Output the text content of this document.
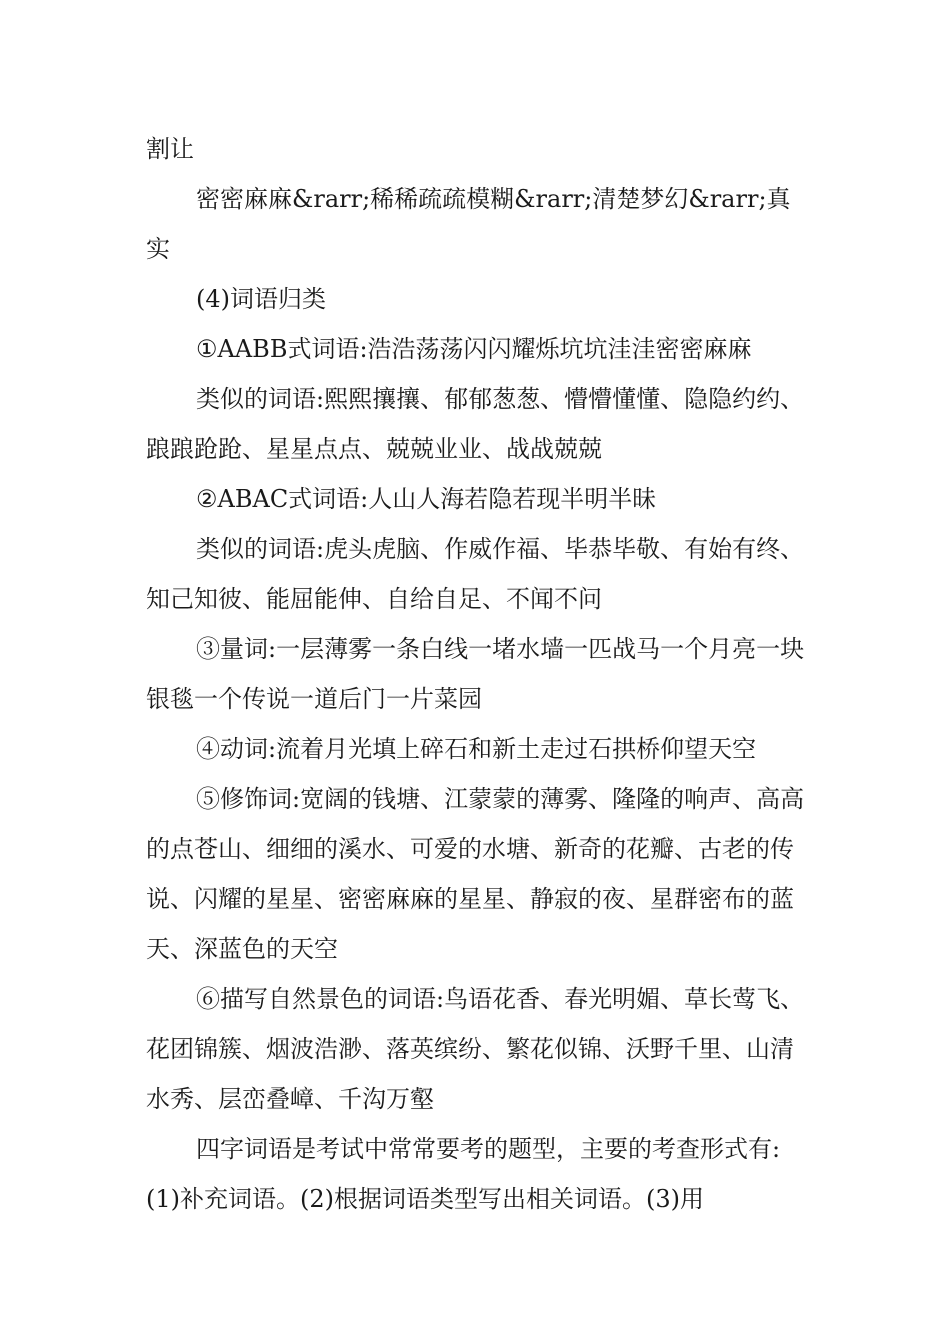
割让

密密麻麻&rarr;稀稀疏疏模糊&rarr;清楚梦幻&rarr;真实

(4)词语归类

①AABB式词语:浩浩荡荡闪闪耀烁坑坑洼洼密密麻麻

类似的词语:熙熙攘攘、郁郁葱葱、懵懵懂懂、隐隐约约、踉踉跄跄、星星点点、兢兢业业、战战兢兢

②ABAC式词语:人山人海若隐若现半明半昧

类似的词语:虎头虎脑、作威作福、毕恭毕敬、有始有终、知己知彼、能屈能伸、自给自足、不闻不问

③量词:一层薄雾一条白线一堵水墙一匹战马一个月亮一块银毯一个传说一道后门一片菜园

④动词:流着月光填上碎石和新土走过石拱桥仰望天空

⑤修饰词:宽阔的钱塘、江蒙蒙的薄雾、隆隆的响声、高高的点苍山、细细的溪水、可爱的水塘、新奇的花瓣、古老的传说、闪耀的星星、密密麻麻的星星、静寂的夜、星群密布的蓝天、深蓝色的天空

⑥描写自然景色的词语:鸟语花香、春光明媚、草长莺飞、花团锦簇、烟波浩渺、落英缤纷、繁花似锦、沃野千里、山清水秀、层峦叠嶂、千沟万壑

四字词语是考试中常常要考的题型，主要的考查形式有:(1)补充词语。(2)根据词语类型写出相关词语。(3)用
